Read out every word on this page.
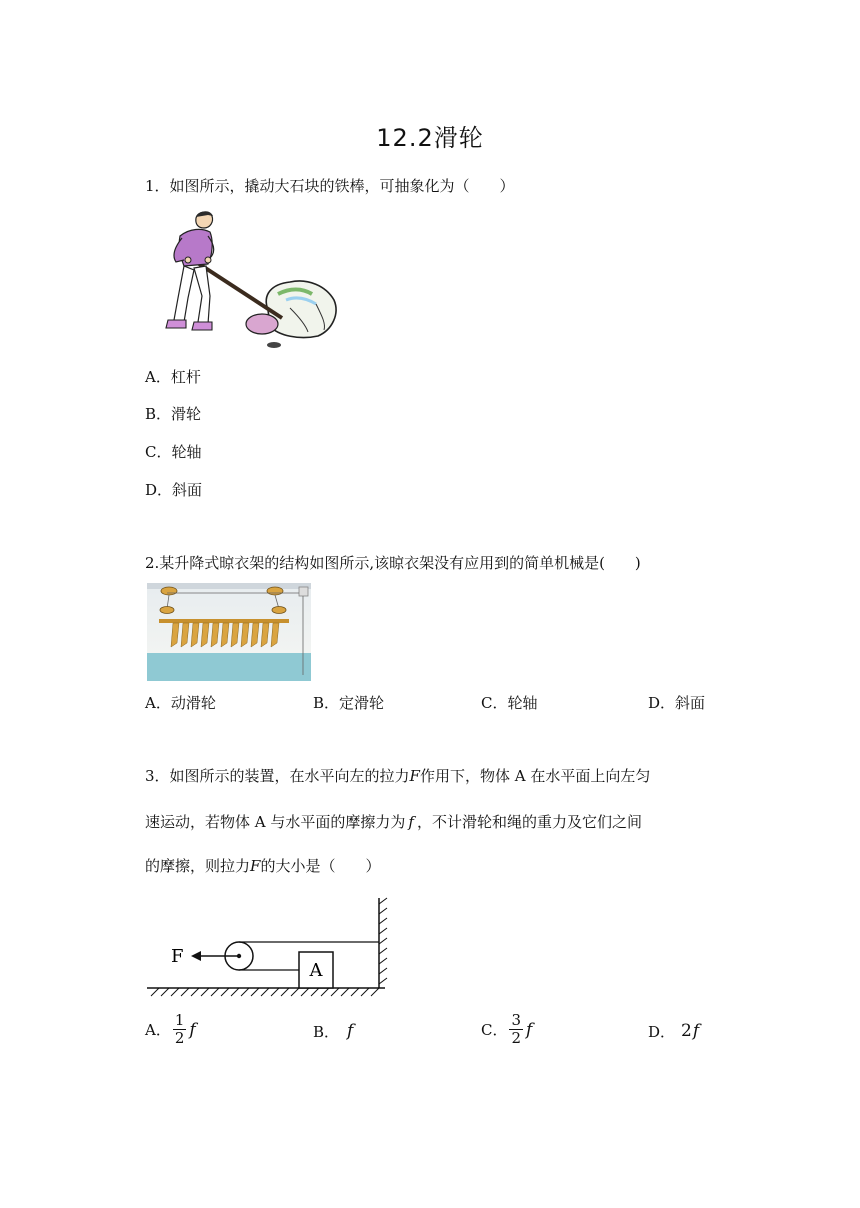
12.2滑轮
1．如图所示，撬动大石块的铁棒，可抽象化为（　　）
A．杠杆
B．滑轮
C．轮轴
D．斜面
2.某升降式晾衣架的结构如图所示,该晾衣架没有应用到的简单机械是(　　)
A．动滑轮	B．定滑轮	C．轮轴	D．斜面
3．如图所示的装置，在水平向左的拉力F作用下，物体 A 在水平面上向左匀
速运动，若物体 A 与水平面的摩擦力为 f ，不计滑轮和绳的重力及它们之间
的摩擦，则拉力F的大小是（　　）
A
F
A． $\frac{1}{2}$ f	B． f	C． $\frac{3}{2}$ f	D． 2 f
